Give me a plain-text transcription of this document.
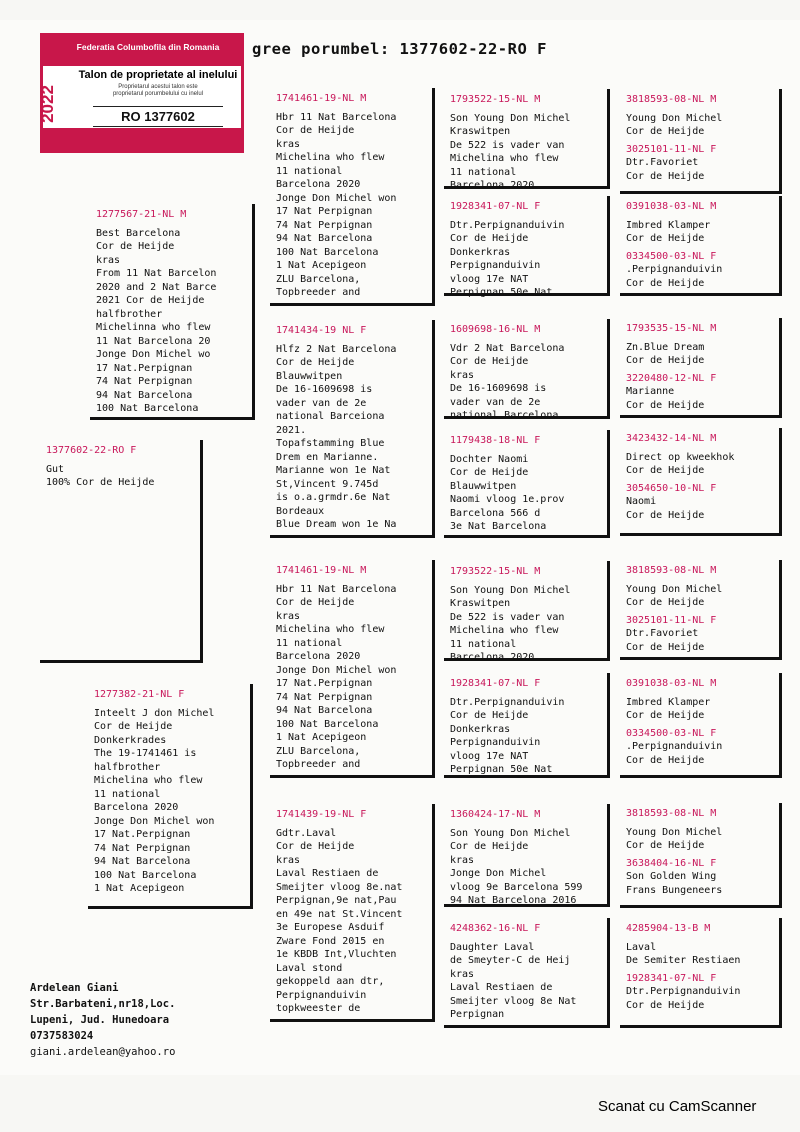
Federatia Columbofila din Romania
2022
Talon de proprietate al inelului
Proprietarul acestui talon este
proprietarul porumbelului cu inelul
RO 1377602
gree porumbel: 1377602-22-RO F
1377602-22-RO F
Gut
100% Cor de Heijde
1277567-21-NL M
Best Barcelona
Cor de Heijde
kras
From 11 Nat Barcelon
2020 and 2 Nat Barce
2021 Cor de Heijde
halfbrother
Michelinna who flew
11 Nat Barcelona 20
Jonge Don Michel wo
17 Nat.Perpignan
74 Nat Perpignan
94 Nat Barcelona
100 Nat Barcelona
1277382-21-NL F
Inteelt J don Michel
Cor de Heijde
Donkerkrades
The 19-1741461 is
halfbrother
Michelina who flew
11 national
Barcelona 2020
Jonge Don Michel won
17 Nat.Perpignan
74 Nat Perpignan
94 Nat Barcelona
100 Nat Barcelona
1 Nat Acepigeon
1741461-19-NL M
Hbr 11 Nat Barcelona
Cor de Heijde
kras
Michelina who flew
11 national
Barcelona 2020
Jonge Don Michel won
17 Nat Perpignan
74 Nat Perpignan
94 Nat Barcelona
100 Nat Barcelona
1 Nat Acepigeon
ZLU Barcelona,
Topbreeder and
1741434-19 NL F
Hlfz 2 Nat Barcelona
Cor de Heijde
Blauwwitpen
De 16-1609698 is
vader van de 2e
national Barceiona
2021.
Topafstamming Blue
Drem en Marianne.
Marianne won 1e Nat
St,Vincent 9.745d
is o.a.grmdr.6e Nat
Bordeaux
Blue Dream won 1e Na
1741461-19-NL M
Hbr 11 Nat Barcelona
Cor de Heijde
kras
Michelina who flew
11 national
Barcelona 2020
Jonge Don Michel won
17 Nat.Perpignan
74 Nat Perpignan
94 Nat Barcelona
100 Nat Barcelona
1 Nat Acepigeon
ZLU Barcelona,
Topbreeder and
1741439-19-NL F
Gdtr.Laval
Cor de Heijde
kras
Laval Restiaen de
Smeijter vloog 8e.nat
Perpignan,9e nat,Pau
en 49e nat St.Vincent
3e Europese Asduif
Zware Fond 2015 en
1e KBDB Int,Vluchten
Laval stond
gekoppeld aan dtr,
Perpignanduivin
topkweester de
1793522-15-NL M
Son Young Don Michel
Kraswitpen
De 522 is vader van
Michelina who flew
11 national
Barcelona 2020
1928341-07-NL F
Dtr.Perpignanduivin
Cor de Heijde
Donkerkras
Perpignanduivin
vloog 17e NAT
Perpignan 50e Nat
1609698-16-NL M
Vdr 2 Nat Barcelona
Cor de Heijde
kras
De 16-1609698 is
vader van de 2e
national Barcelona
1179438-18-NL F
Dochter Naomi
Cor de Heijde
Blauwwitpen
Naomi vloog 1e.prov
Barcelona 566 d
3e Nat Barcelona
1793522-15-NL M
Son Young Don Michel
Kraswitpen
De 522 is vader van
Michelina who flew
11 national
Barcelona 2020
1928341-07-NL F
Dtr.Perpignanduivin
Cor de Heijde
Donkerkras
Perpignanduivin
vloog 17e NAT
Perpignan 50e Nat
1360424-17-NL M
Son Young Don Michel
Cor de Heijde
kras
Jonge Don Michel
vloog 9e Barcelona 599
94 Nat Barcelona 2016
4248362-16-NL F
Daughter Laval
de Smeyter-C de Heij
kras
Laval Restiaen de
Smeijter vloog 8e Nat
Perpignan
3818593-08-NL M
Young Don Michel
Cor de Heijde
3025101-11-NL F
Dtr.Favoriet
Cor de Heijde
0391038-03-NL M
Imbred Klamper
Cor de Heijde
0334500-03-NL F
.Perpignanduivin
Cor de Heijde
1793535-15-NL M
Zn.Blue Dream
Cor de Heijde
3220480-12-NL F
Marianne
Cor de Heijde
3423432-14-NL M
Direct op kweekhok
Cor de Heijde
3054650-10-NL F
Naomi
Cor de Heijde
3818593-08-NL M
Young Don Michel
Cor de Heijde
3025101-11-NL F
Dtr.Favoriet
Cor de Heijde
0391038-03-NL M
Imbred Klamper
Cor de Heijde
0334500-03-NL F
.Perpignanduivin
Cor de Heijde
3818593-08-NL M
Young Don Michel
Cor de Heijde
3638404-16-NL F
Son Golden Wing
Frans Bungeneers
4285904-13-B M
Laval
De Semiter Restiaen
1928341-07-NL F
Dtr.Perpignanduivin
Cor de Heijde
Ardelean Giani
Str.Barbateni,nr18,Loc.
Lupeni, Jud. Hunedoara
0737583024
giani.ardelean@yahoo.ro
Scanat cu CamScanner
